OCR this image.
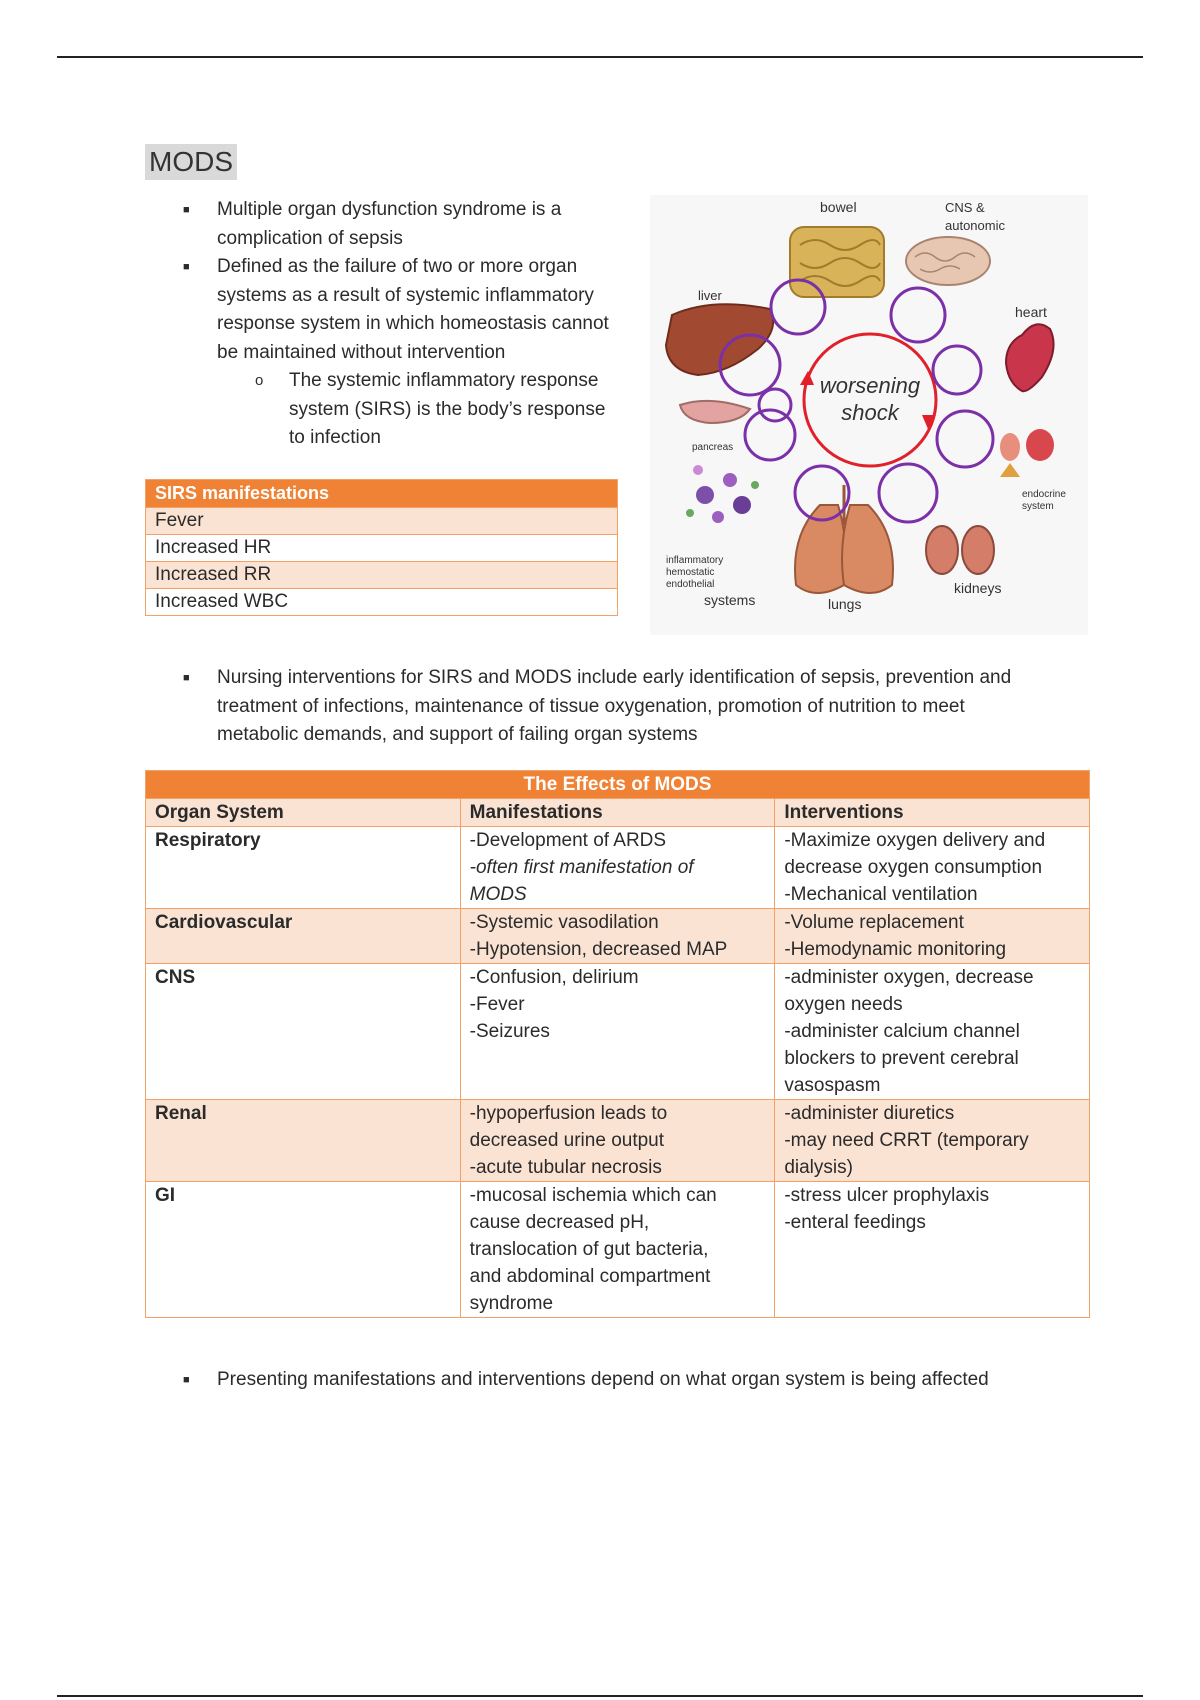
MODS
■ Multiple organ dysfunction syndrome is a
complication of sepsis
■ Defined as the failure of two or more organ
systems as a result of systemic inflammatory
response system in which homeostasis cannot
be maintained without intervention
o The systemic inflammatory response
system (SIRS) is the body’s response
to infection
SIRS manifestations
Fever
Increased HR
Increased RR
Increased WBC
worsening
shock
bowel	CNS &
autonomic
heart
liver
pancreas
endocrine
system
inflammatory
hemostatic
endothelial
systems	lungs
kidneys
■ Nursing interventions for SIRS and MODS include early identification of sepsis, prevention and
treatment of infections, maintenance of tissue oxygenation, promotion of nutrition to meet
metabolic demands, and support of failing organ systems
The Effects of MODS		
Organ System	Manifestations	Interventions
Respiratory	-Development of ARDS
-often first manifestation of
MODS	-Maximize oxygen delivery and
decrease oxygen consumption
-Mechanical ventilation

Cardiovascular	-Systemic vasodilation
-Hypotension, decreased MAP	-Volume replacement
-Hemodynamic monitoring

CNS	-Confusion, delirium
-Fever
-Seizures	-administer oxygen, decrease
oxygen needs
-administer calcium channel
blockers to prevent cerebral
vasospasm

Renal	-hypoperfusion leads to
decreased urine output
-acute tubular necrosis	-administer diuretics
-may need CRRT (temporary
dialysis)

GI	-mucosal ischemia which can
cause decreased pH,
translocation of gut bacteria,
and abdominal compartment
syndrome	-stress ulcer prophylaxis
-enteral feedings
■ Presenting manifestations and interventions depend on what organ system is being affected
